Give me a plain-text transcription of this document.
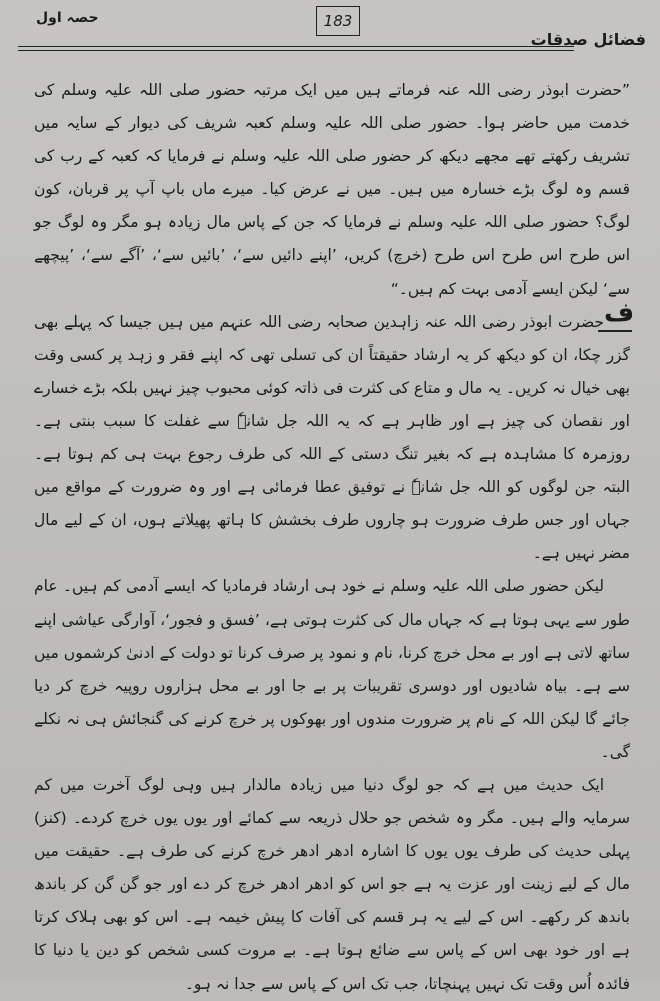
183
فضائل صدقات
حصہ اول
ف

”حضرت ابوذر رضی اللہ عنہ فرماتے ہیں میں ایک مرتبہ حضور صلی اللہ علیہ وسلم کی خدمت میں حاضر ہوا۔ حضور صلی اللہ علیہ وسلم کعبہ شریف کی دیوار کے سایہ میں تشریف رکھتے تھے مجھے دیکھ کر حضور صلی اللہ علیہ وسلم نے فرمایا کہ کعبہ کے رب کی قسم وہ لوگ بڑے خسارہ میں ہیں۔ میں نے عرض کیا۔ میرے ماں باپ آپ پر قربان، کون لوگ؟ حضور صلی اللہ علیہ وسلم نے فرمایا کہ جن کے پاس مال زیادہ ہو مگر وہ لوگ جو اس طرح اس طرح اس طرح (خرچ) کریں، ’اپنے دائیں سے‘، ’بائیں سے‘، ’آگے سے‘، ’پیچھے سے‘ لیکن ایسے آدمی بہت کم ہیں۔“

حضرت ابوذر رضی اللہ عنہ زاہدین صحابہ رضی اللہ عنہم میں ہیں جیسا کہ پہلے بھی گزر چکا، ان کو دیکھ کر یہ ارشاد حقیقتاً ان کی تسلی تھی کہ اپنے فقر و زہد پر کسی وقت بھی خیال نہ کریں۔ یہ مال و متاع کی کثرت فی ذاتہ کوئی محبوب چیز نہیں بلکہ بڑے خسارے اور نقصان کی چیز ہے اور ظاہر ہے کہ یہ اللہ جل شانہٗ سے غفلت کا سبب بنتی ہے۔ روزمرہ کا مشاہدہ ہے کہ بغیر تنگ دستی کے اللہ کی طرف رجوع بہت ہی کم ہوتا ہے۔ البتہ جن لوگوں کو اللہ جل شانہٗ نے توفیق عطا فرمائی ہے اور وہ ضرورت کے مواقع میں جہاں اور جس طرف ضرورت ہو چاروں طرف بخشش کا ہاتھ پھیلاتے ہوں، ان کے لیے مال مضر نہیں ہے۔

لیکن حضور صلی اللہ علیہ وسلم نے خود ہی ارشاد فرمادیا کہ ایسے آدمی کم ہیں۔ عام طور سے یہی ہوتا ہے کہ جہاں مال کی کثرت ہوتی ہے، ’فسق و فجور‘، آوارگی عیاشی اپنے ساتھ لاتی ہے اور بے محل خرچ کرنا، نام و نمود پر صرف کرنا تو دولت کے ادنیٰ کرشموں میں سے ہے۔ بیاہ شادیوں اور دوسری تقریبات پر بے جا اور بے محل ہزاروں روپیہ خرچ کر دیا جائے گا لیکن اللہ کے نام پر ضرورت مندوں اور بھوکوں پر خرچ کرنے کی گنجائش ہی نہ نکلے گی۔

ایک حدیث میں ہے کہ جو لوگ دنیا میں زیادہ مالدار ہیں وہی لوگ آخرت میں کم سرمایہ والے ہیں۔ مگر وہ شخص جو حلال ذریعہ سے کمائے اور یوں یوں خرچ کردے۔ (کنز) پہلی حدیث کی طرف یوں یوں کا اشارہ ادھر ادھر خرچ کرنے کی طرف ہے۔ حقیقت میں مال کے لیے زینت اور عزت یہ ہے جو اس کو ادھر ادھر خرچ کر دے اور جو گن گن کر باندھ باندھ کر رکھے۔ اس کے لیے یہ ہر قسم کی آفات کا پیش خیمہ ہے۔ اس کو بھی ہلاک کرتا ہے اور خود بھی اس کے پاس سے ضائع ہوتا ہے۔ بے مروت کسی شخص کو دین یا دنیا کا فائدہ اُس وقت تک نہیں پہنچاتا، جب تک اس کے پاس سے جدا نہ ہو۔
